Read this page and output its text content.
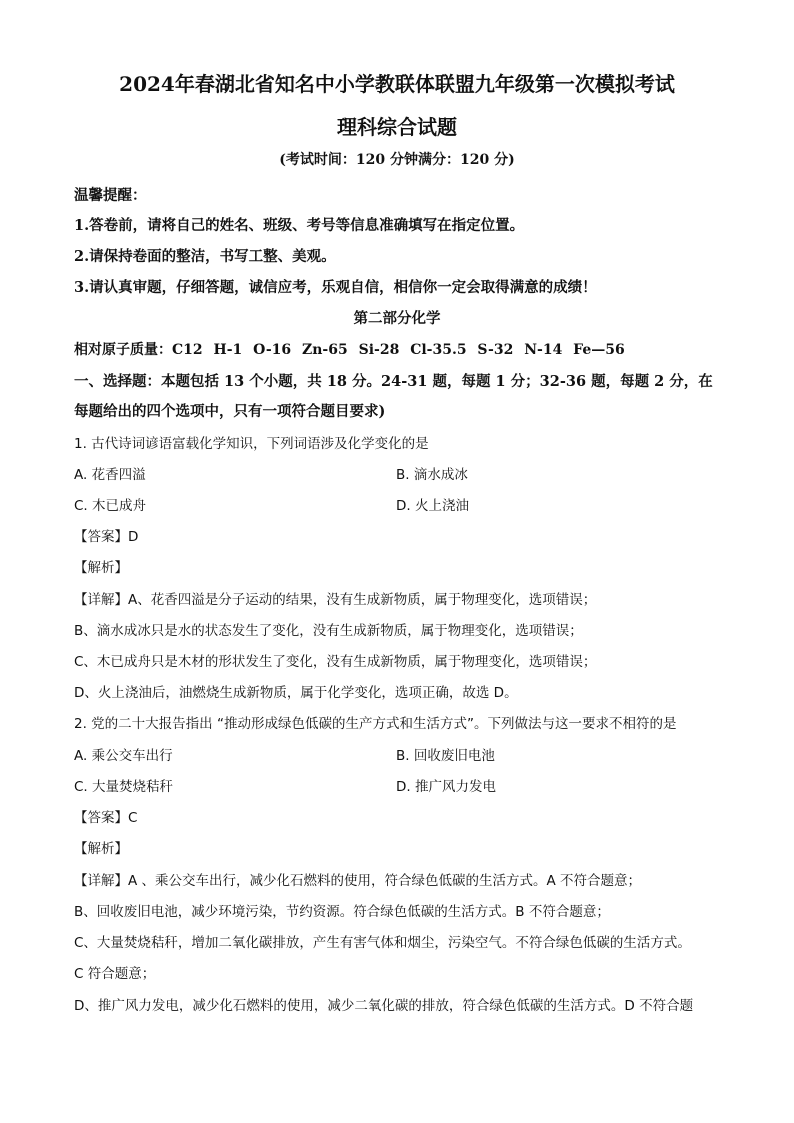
2024年春湖北省知名中小学教联体联盟九年级第一次模拟考试
理科综合试题
(考试时间：120 分钟满分：120 分)
温馨提醒：
1.答卷前，请将自己的姓名、班级、考号等信息准确填写在指定位置。
2.请保持卷面的整洁，书写工整、美观。
3.请认真审题，仔细答题，诚信应考，乐观自信，相信你一定会取得满意的成绩！
第二部分化学
相对原子质量：C12 H-1 O-16 Zn-65 Si-28 Cl-35.5 S-32 N-14 Fe—56
一、选择题：本题包括 13 个小题，共 18 分。24-31 题，每题 1 分；32-36 题，每题 2 分，在
每题给出的四个选项中，只有一项符合题目要求)
1. 古代诗词谚语富载化学知识，下列词语涉及化学变化的是
A. 花香四溢	B. 滴水成冰
C. 木已成舟	D. 火上浇油
【答案】D
【解析】
【详解】A、花香四溢是分子运动的结果，没有生成新物质，属于物理变化，选项错误；
B、滴水成冰只是水的状态发生了变化，没有生成新物质，属于物理变化，选项错误；
C、木已成舟只是木材的形状发生了变化，没有生成新物质，属于物理变化，选项错误；
D、火上浇油后，油燃烧生成新物质，属于化学变化，选项正确，故选 D。
2. 党的二十大报告指出 “推动形成绿色低碳的生产方式和生活方式”。下列做法与这一要求不相符的是
A. 乘公交车出行	B. 回收废旧电池
C. 大量焚烧秸秆	D. 推广风力发电
【答案】C
【解析】
【详解】A 、乘公交车出行，减少化石燃料的使用，符合绿色低碳的生活方式。A 不符合题意；
B、回收废旧电池，减少环境污染，节约资源。符合绿色低碳的生活方式。B 不符合题意；
C、大量焚烧秸秆，增加二氧化碳排放，产生有害气体和烟尘，污染空气。不符合绿色低碳的生活方式。
C 符合题意；
D、推广风力发电，减少化石燃料的使用，减少二氧化碳的排放，符合绿色低碳的生活方式。D 不符合题
